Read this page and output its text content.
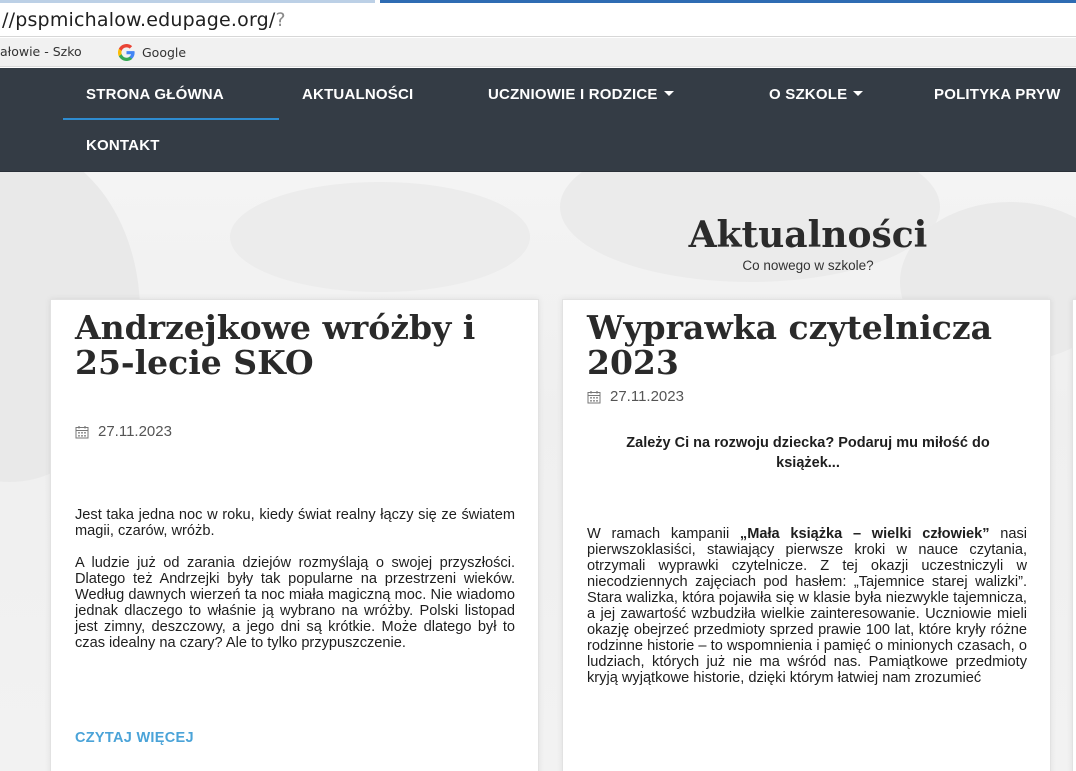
//pspmichalow.edupage.org/?
ałowie - Szko	Google
STRONA GŁÓWNA	AKTUALNOŚCI	UCZNIOWIE I RODZICE	O SZKOLE	POLITYKA PRYW
KONTAKT
Aktualności
Co nowego w szkole?
Andrzejkowe wróżby i 25-lecie SKO
27.11.2023

Jest taka jedna noc w roku, kiedy świat realny łączy się ze światem magii, czarów, wróżb.

A ludzie już od zarania dziejów rozmyślają o swojej przyszłości. Dlatego też Andrzejki były tak popularne na przestrzeni wieków. Według dawnych wierzeń ta noc miała magiczną moc. Nie wiadomo jednak dlaczego to właśnie ją wybrano na wróżby. Polski listopad jest zimny, deszczowy, a jego dni są krótkie. Może dlatego był to czas idealny na czary? Ale to tylko przypuszczenie.

CZYTAJ WIĘCEJ
Wyprawka czytelnicza 2023
27.11.2023
Zależy Ci na rozwoju dziecka? Podaruj mu miłość do książek...

W ramach kampanii „Mała książka – wielki człowiek” nasi pierwszoklasiści, stawiający pierwsze kroki w nauce czytania, otrzymali wyprawki czytelnicze. Z tej okazji uczestniczyli w niecodziennych zajęciach pod hasłem: „Tajemnice starej walizki”. Stara walizka, która pojawiła się w klasie była niezwykle tajemnicza, a jej zawartość wzbudziła wielkie zainteresowanie. Uczniowie mieli okazję obejrzeć przedmioty sprzed prawie 100 lat, które kryły różne rodzinne historie – to wspomnienia i pamięć o minionych czasach, o ludziach, których już nie ma wśród nas. Pamiątkowe przedmioty kryją wyjątkowe historie, dzięki którym łatwiej nam zrozumieć
